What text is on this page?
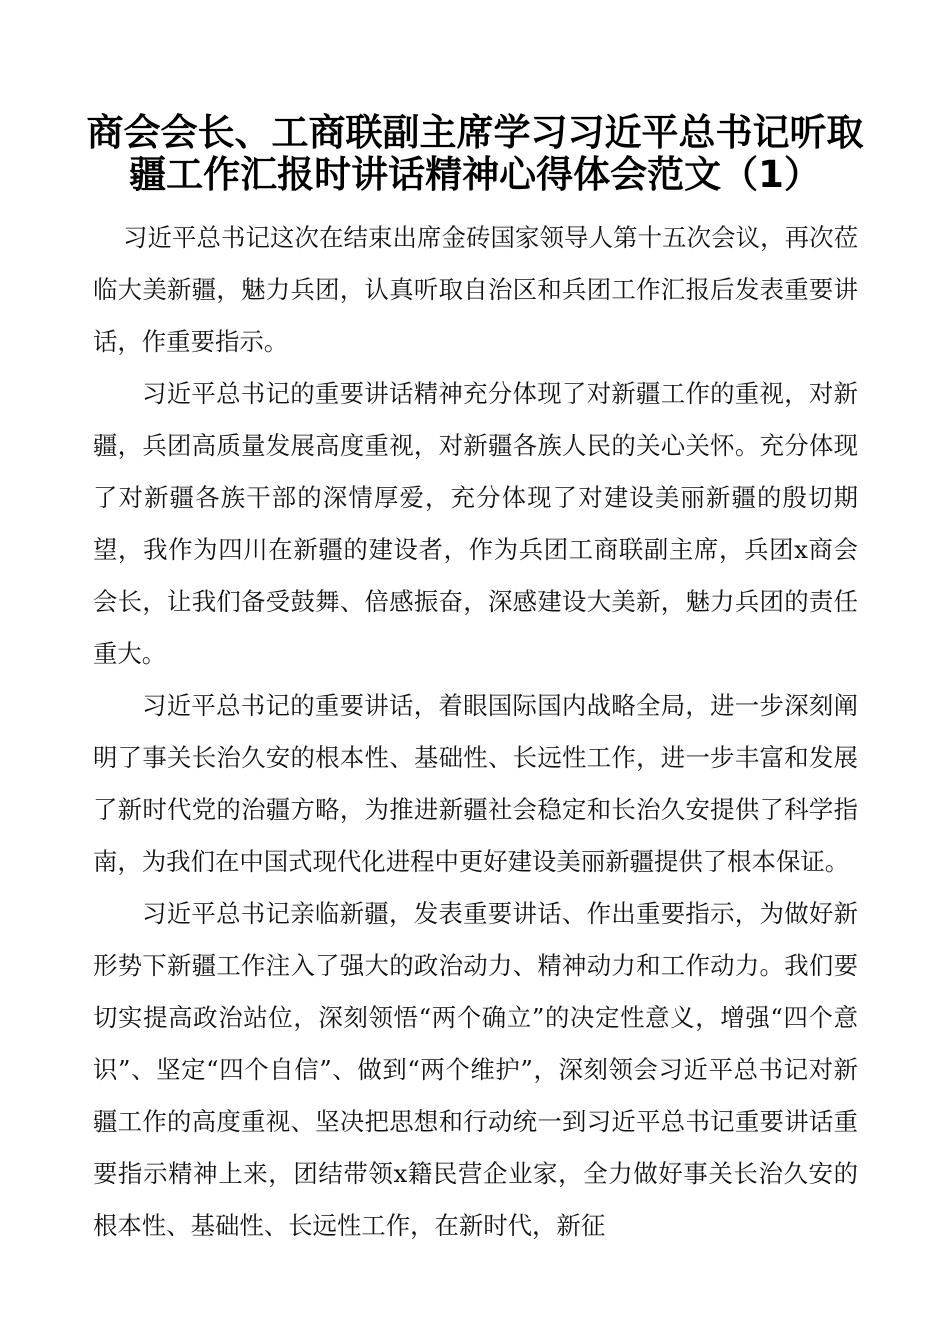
商会会长、工商联副主席学习习近平总书记听取
疆工作汇报时讲话精神心得体会范文（1）

习近平总书记这次在结束出席金砖国家领导人第十五次会议，再次莅临大美新疆，魅力兵团，认真听取自治区和兵团工作汇报后发表重要讲话，作重要指示。

习近平总书记的重要讲话精神充分体现了对新疆工作的重视，对新疆，兵团高质量发展高度重视，对新疆各族人民的关心关怀。充分体现了对新疆各族干部的深情厚爱，充分体现了对建设美丽新疆的殷切期望，我作为四川在新疆的建设者，作为兵团工商联副主席，兵团x商会会长，让我们备受鼓舞、倍感振奋，深感建设大美新，魅力兵团的责任重大。

习近平总书记的重要讲话，着眼国际国内战略全局，进一步深刻阐明了事关长治久安的根本性、基础性、长远性工作，进一步丰富和发展了新时代党的治疆方略，为推进新疆社会稳定和长治久安提供了科学指南，为我们在中国式现代化进程中更好建设美丽新疆提供了根本保证。

习近平总书记亲临新疆，发表重要讲话、作出重要指示，为做好新形势下新疆工作注入了强大的政治动力、精神动力和工作动力。我们要切实提高政治站位，深刻领悟“两个确立”的决定性意义，增强“四个意识”、坚定“四个自信”、做到“两个维护”，深刻领会习近平总书记对新疆工作的高度重视、坚决把思想和行动统一到习近平总书记重要讲话重要指示精神上来，团结带领x籍民营企业家，全力做好事关长治久安的根本性、基础性、长远性工作，在新时代，新征
